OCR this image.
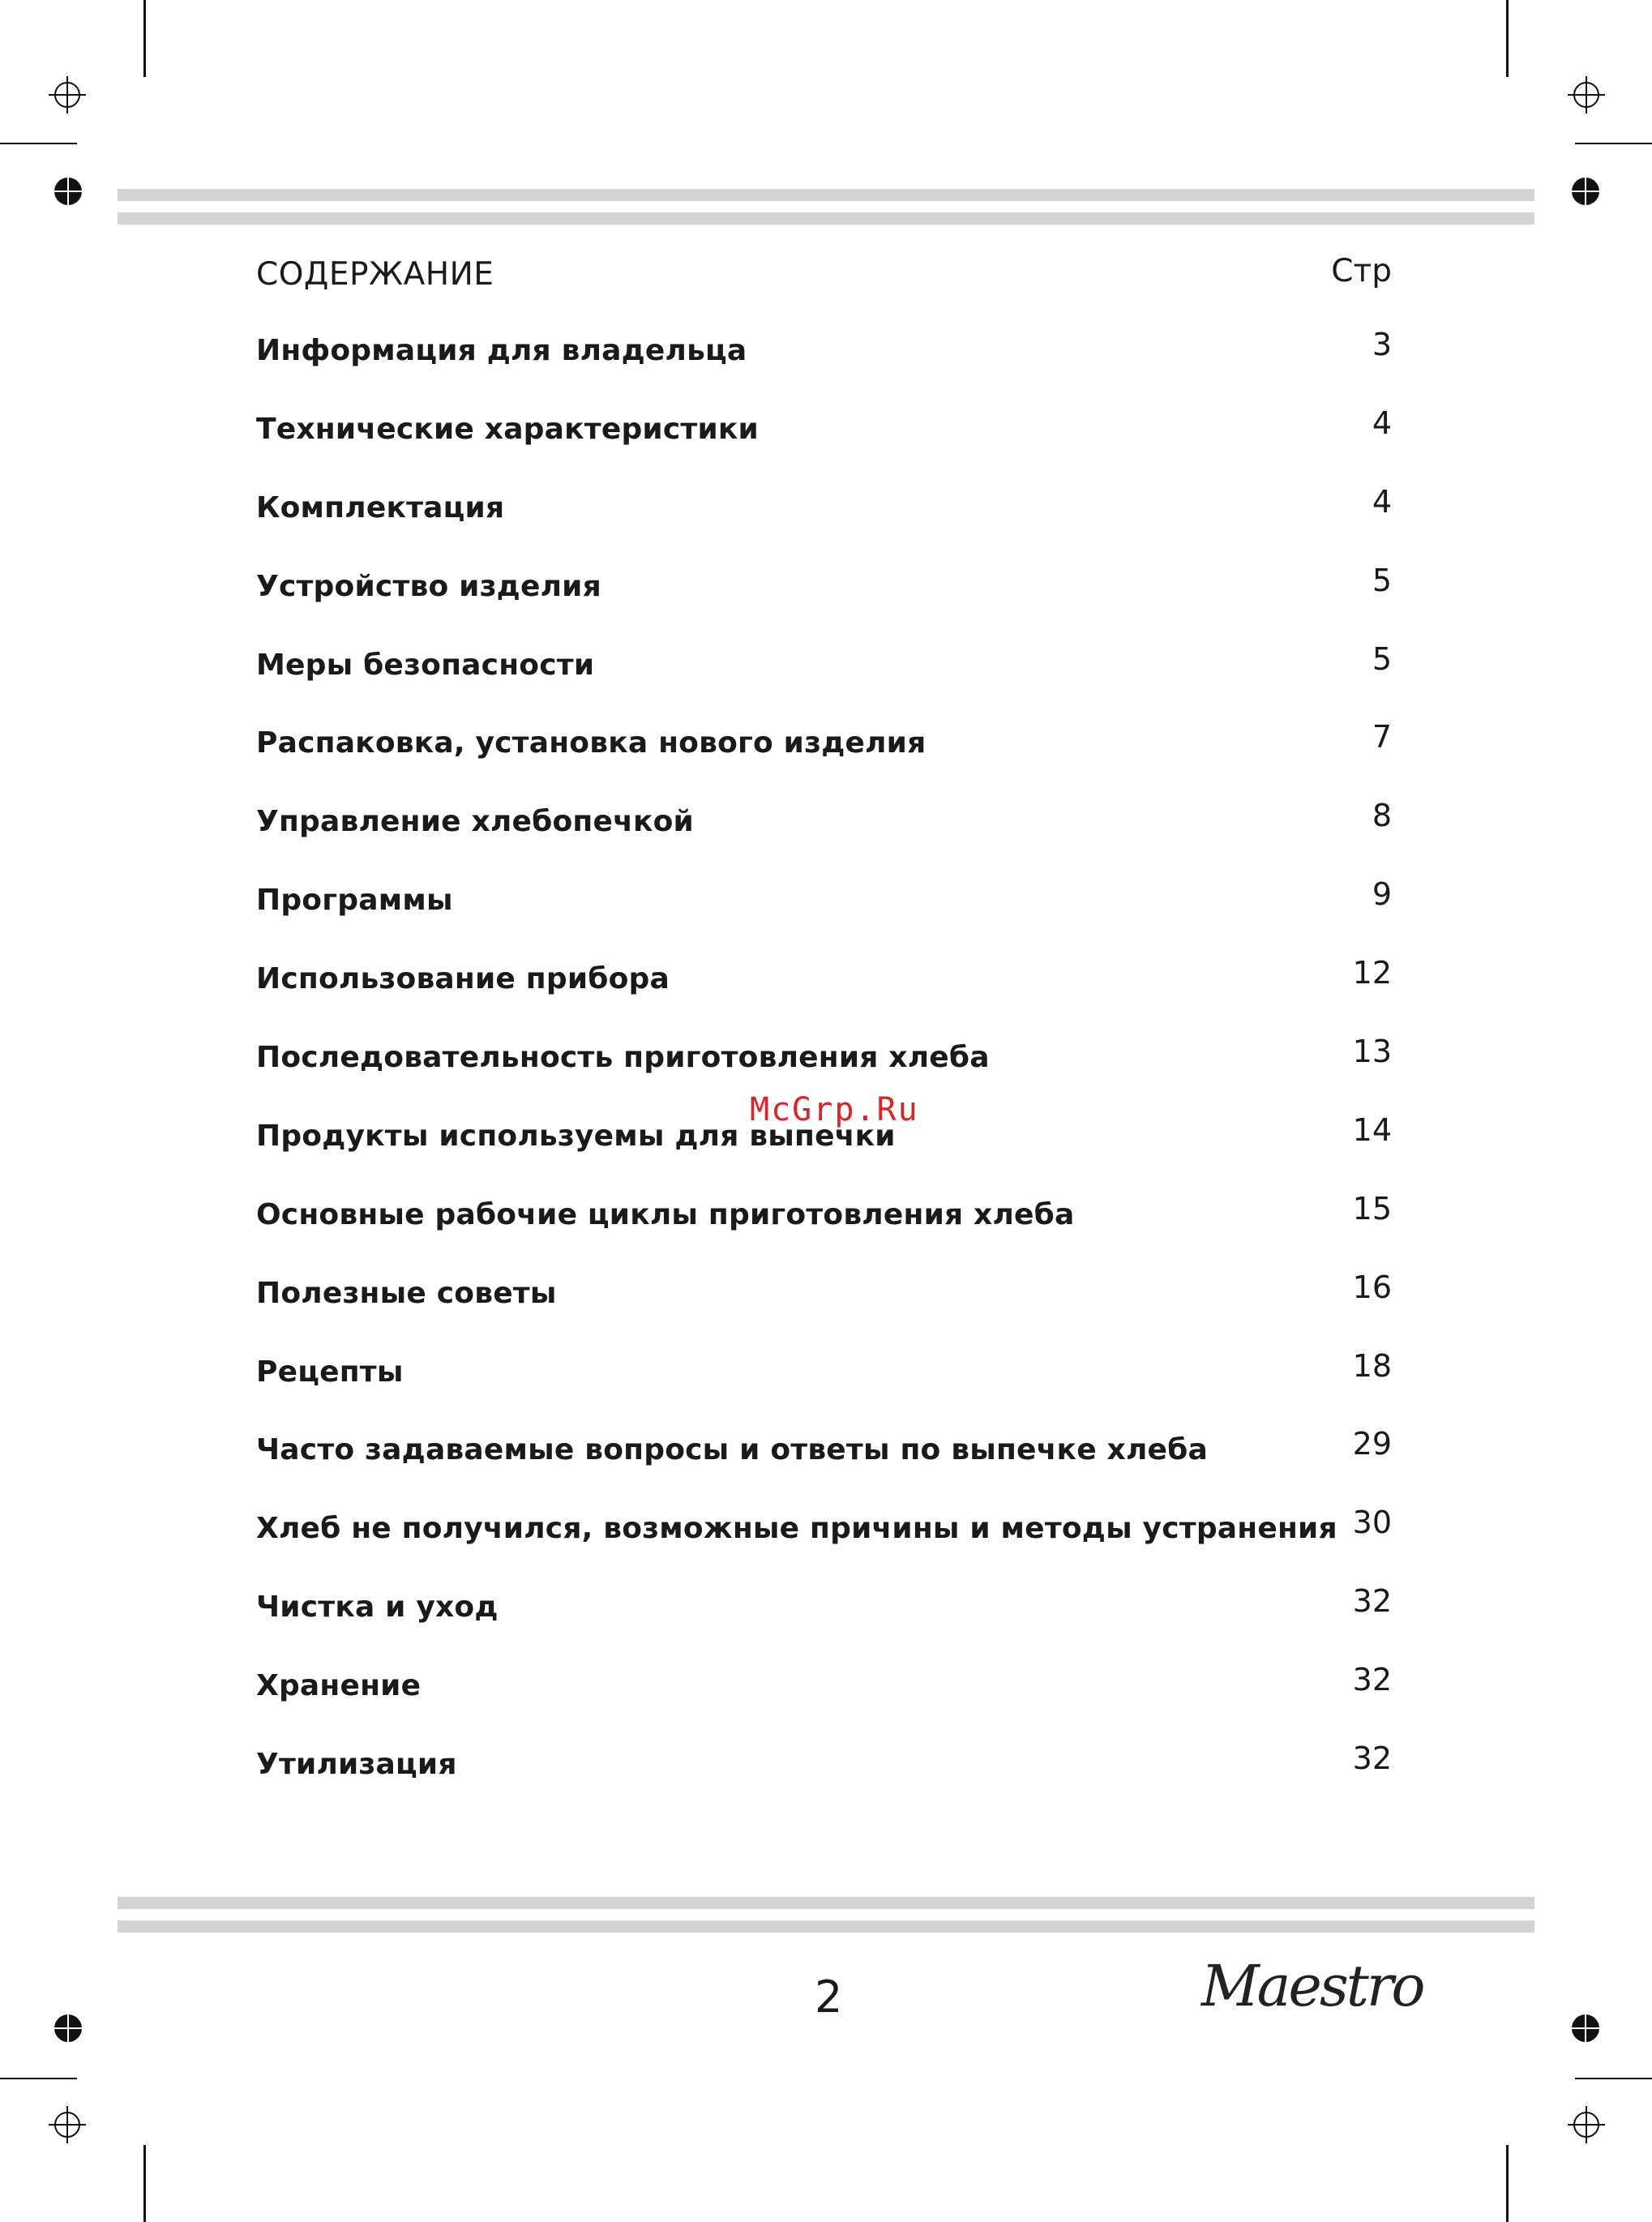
СОДЕРЖАНИЕ	Стр
Информация для владельца	3
Технические характеристики	4
Комплектация	4
Устройство изделия	5
Меры безопасности	5
Распаковка, установка нового изделия	7
Управление хлебопечкой	8
Программы	9
Использование прибора	12
Последовательность приготовления хлеба	13
Продукты используемы для выпечки	14
Основные рабочие циклы приготовления хлеба	15
Полезные советы	16
Рецепты	18
Часто задаваемые вопросы и ответы по выпечке хлеба	29
Хлеб не получился, возможные причины и методы устранения 30
Чистка и уход	32
Хранение	32
Утилизация	32
McGrp.Ru
2	Maestro
